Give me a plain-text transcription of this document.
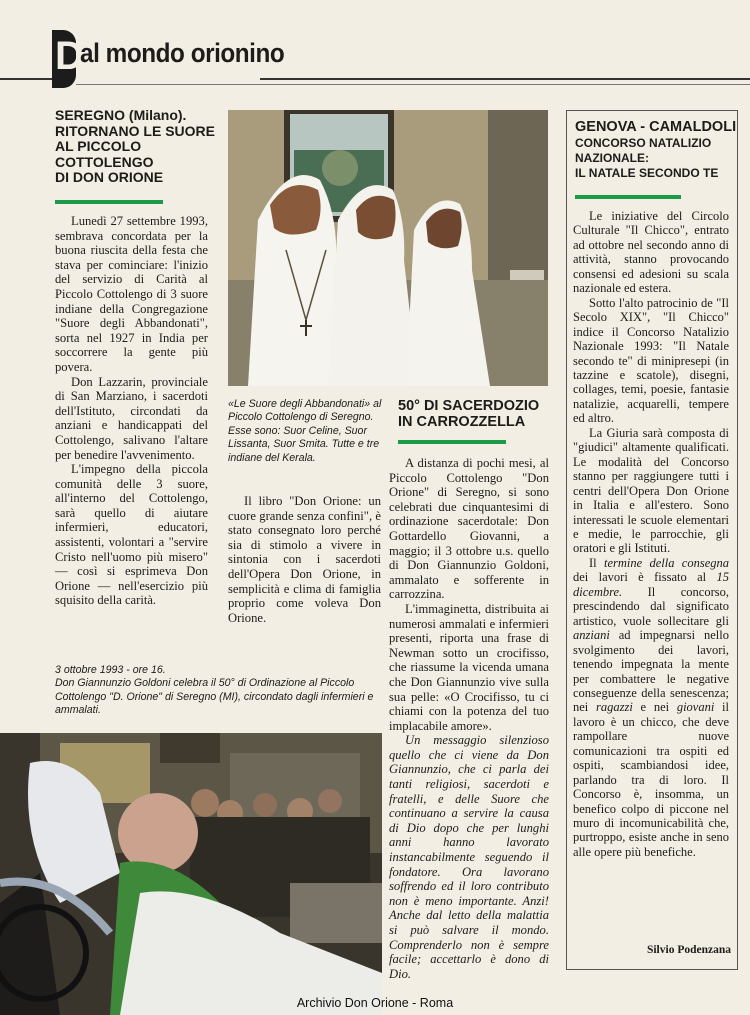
D
al mondo orionino
SEREGNO (Milano).
RITORNANO LE SUORE
AL PICCOLO
COTTOLENGO
DI DON ORIONE

Lunedì 27 settembre 1993, sembrava concordata per la buona riuscita della festa che stava per cominciare: l'inizio del servizio di Carità al Piccolo Cottolengo di 3 suore indiane della Congregazione "Suore degli Abbandonati", sorta nel 1927 in India per soccorrere la gente più povera.

Don Lazzarin, provinciale di San Marziano, i sacerdoti dell'Istituto, circondati da anziani e handicappati del Cottolengo, salivano l'altare per benedire l'avvenimento.

L'impegno della piccola comunità delle 3 suore, all'interno del Cottolengo, sarà quello di aiutare infermieri, educatori, assistenti, volontari a "servire Cristo nell'uomo più misero" — così si esprimeva Don Orione — nell'esercizio più squisito della carità.

«Le Suore degli Abbandonati» al Piccolo Cottolengo di Seregno. Esse sono: Suor Celine, Suor Lissanta, Suor Smita. Tutte e tre indiane del Kerala.

Il libro "Don Orione: un cuore grande senza confini", è stato consegnato loro perché sia di stimolo a vivere in sintonia con i sacerdoti dell'Opera Don Orione, in semplicità e clima di famiglia proprio come voleva Don Orione.

50° DI SACERDOZIO
IN CARROZZELLA

A distanza di pochi mesi, al Piccolo Cottolengo "Don Orione" di Seregno, si sono celebrati due cinquantesimi di ordinazione sacerdotale: Don Gottardello Giovanni, a maggio; il 3 ottobre u.s. quello di Don Giannunzio Goldoni, ammalato e sofferente in carrozzina.

L'immaginetta, distribuita ai numerosi ammalati e infermieri presenti, riporta una frase di Newman sotto un crocifisso, che riassume la vicenda umana che Don Giannunzio vive sulla sua pelle: «O Crocifisso, tu ci chiami con la potenza del tuo implacabile amore».

Un messaggio silenzioso quello che ci viene da Don Giannunzio, che ci parla dei tanti religiosi, sacerdoti e fratelli, e delle Suore che continuano a servire la causa di Dio dopo che per lunghi anni hanno lavorato instancabilmente seguendo il fondatore. Ora lavorano soffrendo ed il loro contributo non è meno importante. Anzi! Anche dal letto della malattia si può salvare il mondo. Comprenderlo non è sempre facile; accettarlo è dono di Dio.

3 ottobre 1993 - ore 16.
Don Giannunzio Goldoni celebra il 50° di Ordinazione al Piccolo Cottolengo "D. Orione" di Seregno (MI), circondato dagli infermieri e ammalati.
GENOVA - CAMALDOLI
CONCORSO NATALIZIO
NAZIONALE:
IL NATALE SECONDO TE

Le iniziative del Circolo Culturale "Il Chicco", entrato ad ottobre nel secondo anno di attività, stanno provocando consensi ed adesioni su scala nazionale ed estera.

Sotto l'alto patrocinio de "Il Secolo XIX", "Il Chicco" indice il Concorso Natalizio Nazionale 1993: "Il Natale secondo te" di minipresepi (in tazzine e scatole), disegni, collages, temi, poesie, fantasie natalizie, acquarelli, tempere ed altro.

La Giuria sarà composta di "giudici" altamente qualificati. Le modalità del Concorso stanno per raggiungere tutti i centri dell'Opera Don Orione in Italia e all'estero. Sono interessati le scuole elementari e medie, le parrocchie, gli oratori e gli Istituti.

Il termine della consegna dei lavori è fissato al 15 dicembre. Il concorso, prescindendo dal significato artistico, vuole sollecitare gli anziani ad impegnarsi nello svolgimento dei lavori, tenendo impegnata la mente per combattere le negative conseguenze della senescenza; nei ragazzi e nei giovani il lavoro è un chicco, che deve rampollare nuove comunicazioni tra ospiti ed ospiti, scambiandosi idee, parlando tra di loro. Il Concorso è, insomma, un benefico colpo di piccone nel muro di incomunicabilità che, purtroppo, esiste anche in seno alle opere più benefiche.

Silvio Podenzana
Archivio Don Orione - Roma
